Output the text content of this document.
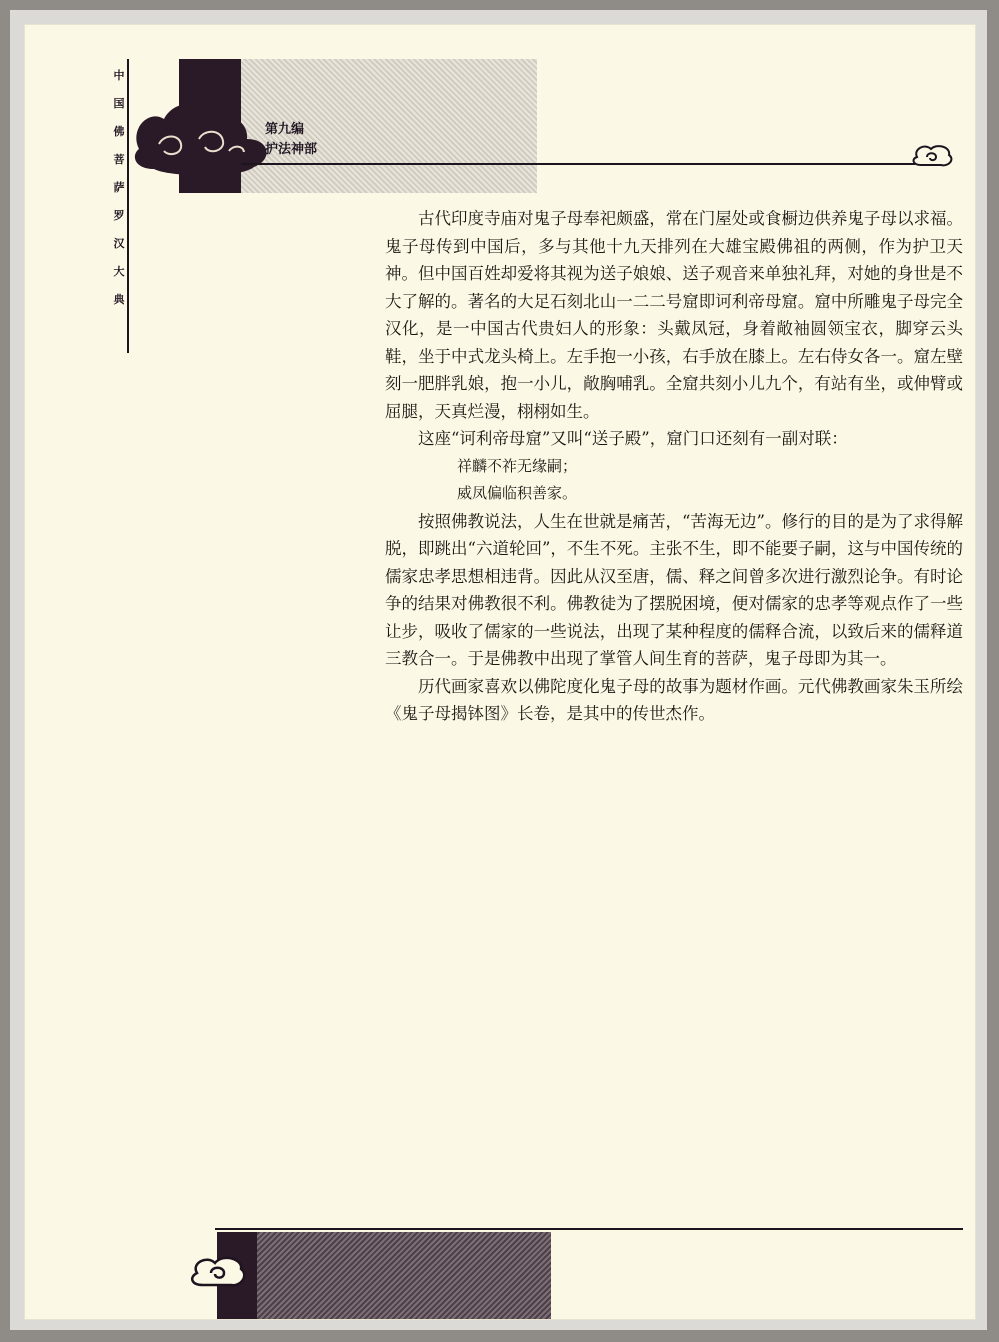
中
国
佛
菩
萨
罗
汉
大
典
第九编
护法神部

古代印度寺庙对鬼子母奉祀颇盛，常在门屋处或食橱边供养鬼子母以求福。鬼子母传到中国后，多与其他十九天排列在大雄宝殿佛祖的两侧，作为护卫天神。但中国百姓却爱将其视为送子娘娘、送子观音来单独礼拜，对她的身世是不大了解的。著名的大足石刻北山一二二号窟即诃利帝母窟。窟中所雕鬼子母完全汉化，是一中国古代贵妇人的形象：头戴凤冠，身着敞袖圆领宝衣，脚穿云头鞋，坐于中式龙头椅上。左手抱一小孩，右手放在膝上。左右侍女各一。窟左壁刻一肥胖乳娘，抱一小儿，敞胸哺乳。全窟共刻小儿九个，有站有坐，或伸臂或屈腿，天真烂漫，栩栩如生。

这座“诃利帝母窟”又叫“送子殿”，窟门口还刻有一副对联：

祥麟不祚无缘嗣；
威凤偏临积善家。

按照佛教说法，人生在世就是痛苦，“苦海无边”。修行的目的是为了求得解脱，即跳出“六道轮回”，不生不死。主张不生，即不能要子嗣，这与中国传统的儒家忠孝思想相违背。因此从汉至唐，儒、释之间曾多次进行激烈论争。有时论争的结果对佛教很不利。佛教徒为了摆脱困境，便对儒家的忠孝等观点作了一些让步，吸收了儒家的一些说法，出现了某种程度的儒释合流，以致后来的儒释道三教合一。于是佛教中出现了掌管人间生育的菩萨，鬼子母即为其一。

历代画家喜欢以佛陀度化鬼子母的故事为题材作画。元代佛教画家朱玉所绘《鬼子母揭钵图》长卷，是其中的传世杰作。
